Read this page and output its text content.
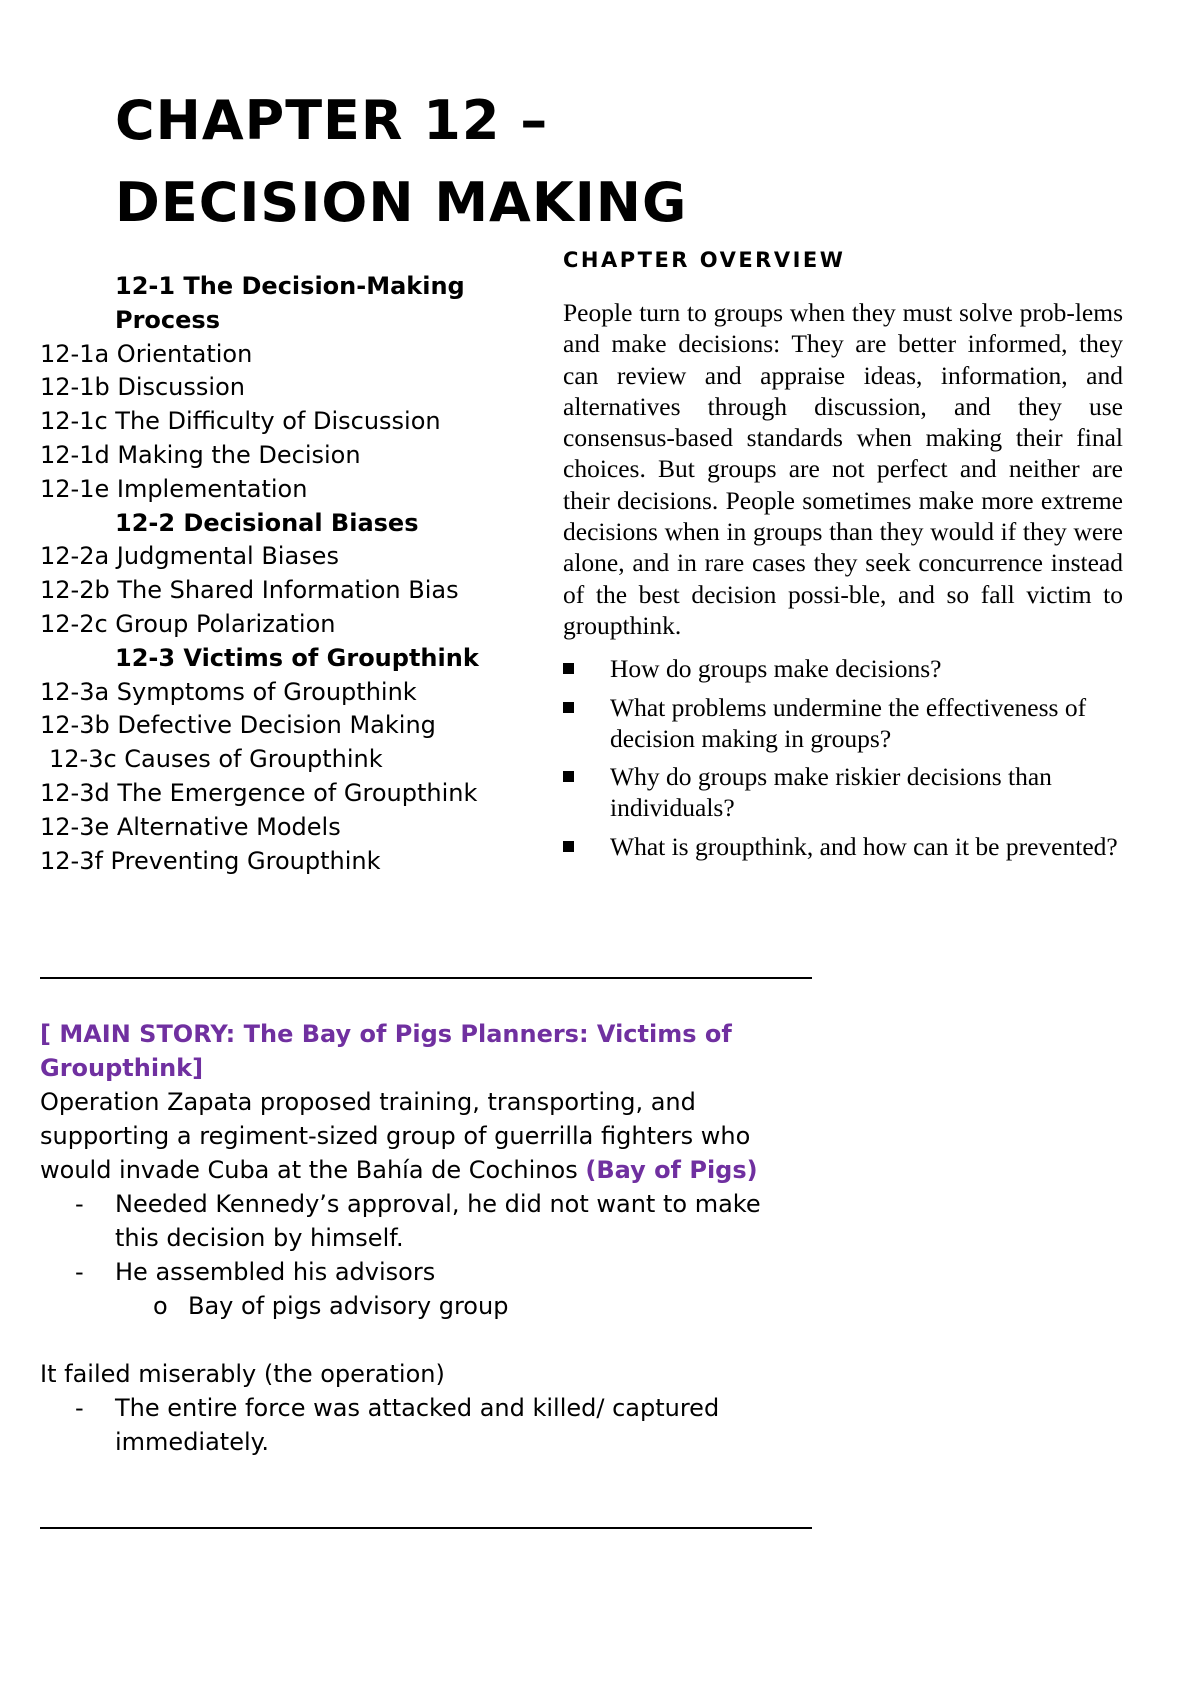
CHAPTER 12 –
DECISION MAKING
12-1 The Decision-Making Process
12-1a Orientation
12-1b Discussion
12-1c The Difficulty of Discussion
12-1d Making the Decision
12-1e Implementation
12-2 Decisional Biases
12-2a Judgmental Biases
12-2b The Shared Information Bias
12-2c Group Polarization
12-3 Victims of Groupthink
12-3a Symptoms of Groupthink
12-3b Defective Decision Making
12-3c Causes of Groupthink
12-3d The Emergence of Groupthink
12-3e Alternative Models
12-3f Preventing Groupthink
CHAPTER OVERVIEW

People turn to groups when they must solve prob-lems and make decisions: They are better informed, they can review and appraise ideas, information, and alternatives through discussion, and they use consensus-based standards when making their final choices. But groups are not perfect and neither are their decisions. People sometimes make more extreme decisions when in groups than they would if they were alone, and in rare cases they seek concurrence instead of the best decision possi-ble, and so fall victim to groupthink.

How do groups make decisions?
What problems undermine the effectiveness of decision making in groups?
Why do groups make riskier decisions than individuals?
What is groupthink, and how can it be prevented?

[ MAIN STORY: The Bay of Pigs Planners: Victims of Groupthink]

Operation Zapata proposed training, transporting, and supporting a regiment-sized group of guerrilla fighters who would invade Cuba at the Bahía de Cochinos (Bay of Pigs)

- Needed Kennedy’s approval, he did not want to make this decision by himself.
- He assembled his advisors
o Bay of pigs advisory group

It failed miserably (the operation)

- The entire force was attacked and killed/ captured immediately.
